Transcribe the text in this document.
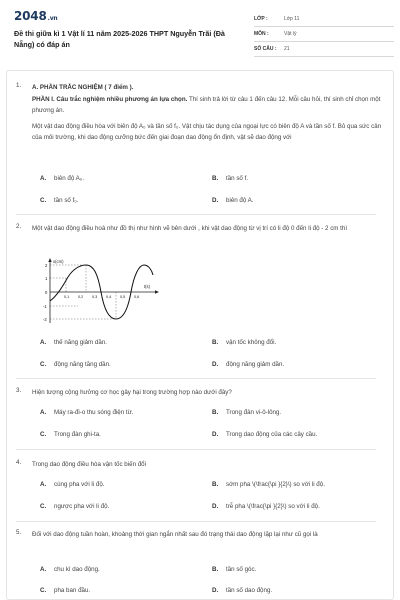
2048.vn
Đề thi giữa kì 1 Vật lí 11 năm 2025-2026 THPT Nguyễn Trãi (Đà Nẵng) có đáp án
LỚP :	Lớp 11
MÔN :	Vật lý
SỐ CÂU :	21
1.	A. PHẦN TRẮC NGHIỆM ( 7 điểm ).
PHẦN I. Câu trắc nghiệm nhiều phương án lựa chọn. Thí sinh trả lời từ câu 1 đến câu 12. Mỗi câu hỏi, thí sinh chỉ chọn một phương án.
Một vật dao động điều hòa với biên độ A₀ và tần số f₀. Vật chịu tác dụng của ngoại lực có biên độ A và tần số f. Bỏ qua sức cản của môi trường, khi dao động cưỡng bức đến giai đoạn dao động ổn định, vật sẽ dao động với
A. biên độ A₀.	B. tần số f.
C. tần số f₀.	D. biên độ A.
2.	Một vật dao động điều hoà như đồ thị như hình vẽ bên dưới , khi vật dao động từ vị trí có li độ 0 đến li độ - 2 cm thì
x(cm)
t(s)
2
1
0
-1
-2
0,1 0,2 0,3 0,4 0,5 0,6
A. thế năng giảm dần.	B. vận tốc không đổi.
C. động năng tăng dần.	D. động năng giảm dần.
3.	Hiện tượng cộng hưởng cơ học gây hại trong trường hợp nào dưới đây?
A. Máy ra-đi-o thu sóng điện từ.	B. Trong đàn vi-ô-lông.
C. Trong đàn ghi-ta.	D. Trong dao động của các cây cầu.
4.	Trong dao động điều hòa vận tốc biến đổi
A. cùng pha với li độ.	B. sớm pha \(\frac{\pi }{2}\) so với li độ.
C. ngược pha với li độ.	D. trễ pha \(\frac{\pi }{2}\) so với li độ.
5.	Đối với dao động tuần hoàn, khoảng thời gian ngắn nhất sau đó trạng thái dao động lặp lại như cũ gọi là
A. chu kì dao động.	B. tần số góc.
C. pha ban đầu.	D. tần số dao động.
